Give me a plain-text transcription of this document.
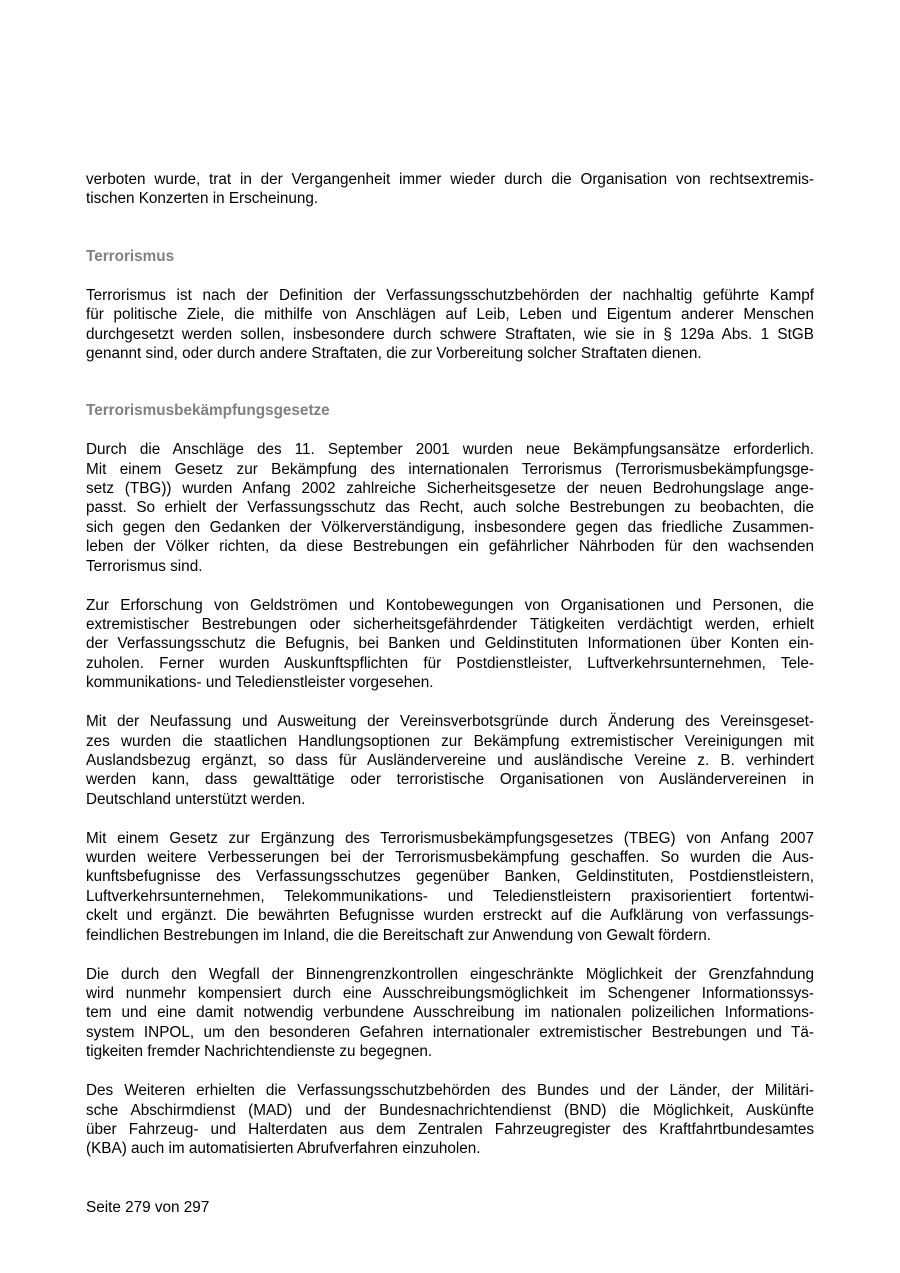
verboten wurde, trat in der Vergangenheit immer wieder durch die Organisation von rechtsextremis-
tischen Konzerten in Erscheinung.

Terrorismus

Terrorismus ist nach der Definition der Verfassungsschutzbehörden der nachhaltig geführte Kampf
für politische Ziele, die mithilfe von Anschlägen auf Leib, Leben und Eigentum anderer Menschen
durchgesetzt werden sollen, insbesondere durch schwere Straftaten, wie sie in § 129a Abs. 1 StGB
genannt sind, oder durch andere Straftaten, die zur Vorbereitung solcher Straftaten dienen.

Terrorismusbekämpfungsgesetze

Durch die Anschläge des 11. September 2001 wurden neue Bekämpfungsansätze erforderlich.
Mit einem Gesetz zur Bekämpfung des internationalen Terrorismus (Terrorismusbekämpfungsge-
setz (TBG)) wurden Anfang 2002 zahlreiche Sicherheitsgesetze der neuen Bedrohungslage ange-
passt. So erhielt der Verfassungsschutz das Recht, auch solche Bestrebungen zu beobachten, die
sich gegen den Gedanken der Völkerverständigung, insbesondere gegen das friedliche Zusammen-
leben der Völker richten, da diese Bestrebungen ein gefährlicher Nährboden für den wachsenden
Terrorismus sind.

Zur Erforschung von Geldströmen und Kontobewegungen von Organisationen und Personen, die
extremistischer Bestrebungen oder sicherheitsgefährdender Tätigkeiten verdächtigt werden, erhielt
der Verfassungsschutz die Befugnis, bei Banken und Geldinstituten Informationen über Konten ein-
zuholen. Ferner wurden Auskunftspflichten für Postdienstleister, Luftverkehrsunternehmen, Tele-
kommunikations- und Teledienstleister vorgesehen.

Mit der Neufassung und Ausweitung der Vereinsverbotsgründe durch Änderung des Vereinsgeset-
zes wurden die staatlichen Handlungsoptionen zur Bekämpfung extremistischer Vereinigungen mit
Auslandsbezug ergänzt, so dass für Ausländervereine und ausländische Vereine z. B. verhindert
werden kann, dass gewalttätige oder terroristische Organisationen von Ausländervereinen in
Deutschland unterstützt werden.

Mit einem Gesetz zur Ergänzung des Terrorismusbekämpfungsgesetzes (TBEG) von Anfang 2007
wurden weitere Verbesserungen bei der Terrorismusbekämpfung geschaffen. So wurden die Aus-
kunftsbefugnisse des Verfassungsschutzes gegenüber Banken, Geldinstituten, Postdienstleistern,
Luftverkehrsunternehmen, Telekommunikations- und Teledienstleistern praxisorientiert fortentwi-
ckelt und ergänzt. Die bewährten Befugnisse wurden erstreckt auf die Aufklärung von verfassungs-
feindlichen Bestrebungen im Inland, die die Bereitschaft zur Anwendung von Gewalt fördern.

Die durch den Wegfall der Binnengrenzkontrollen eingeschränkte Möglichkeit der Grenzfahndung
wird nunmehr kompensiert durch eine Ausschreibungsmöglichkeit im Schengener Informationssys-
tem und eine damit notwendig verbundene Ausschreibung im nationalen polizeilichen Informations-
system INPOL, um den besonderen Gefahren internationaler extremistischer Bestrebungen und Tä-
tigkeiten fremder Nachrichtendienste zu begegnen.

Des Weiteren erhielten die Verfassungsschutzbehörden des Bundes und der Länder, der Militäri-
sche Abschirmdienst (MAD) und der Bundesnachrichtendienst (BND) die Möglichkeit, Auskünfte
über Fahrzeug- und Halterdaten aus dem Zentralen Fahrzeugregister des Kraftfahrtbundesamtes
(KBA) auch im automatisierten Abrufverfahren einzuholen.

Seite 279 von 297
